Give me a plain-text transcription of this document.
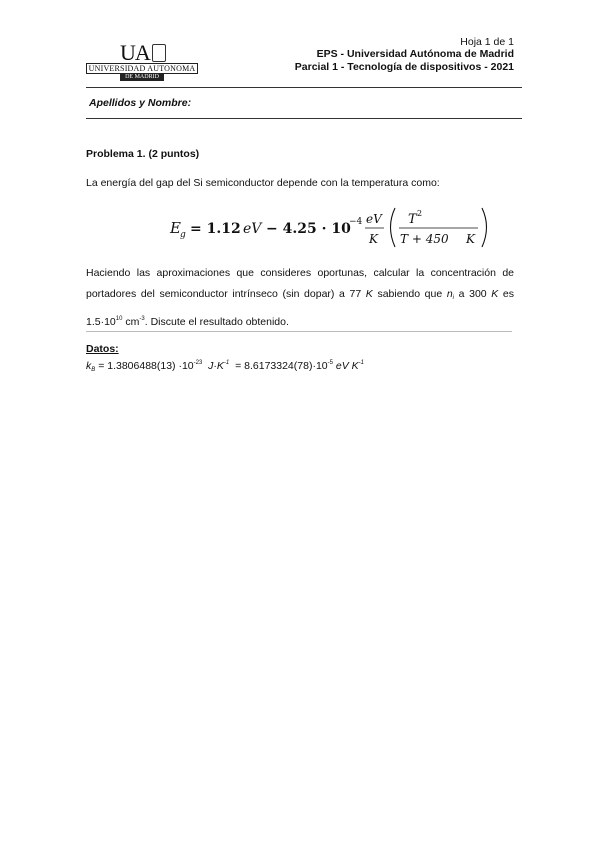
UA
UNIVERSIDAD AUTONOMA
DE MADRID
Hoja 1 de 1
EPS - Universidad Autónoma de Madrid
Parcial 1 - Tecnología de dispositivos - 2021
Apellidos y Nombre:
Problema 1. (2 puntos)
La energía del gap del Si semiconductor depende con la temperatura como:
E g = 1.12 eV − 4.25 · 10
−4 eV
K
T 2
T + 450 K
Haciendo las aproximaciones que consideres oportunas, calcular la concentración de portadores del semiconductor intrínseco (sin dopar) a 77 K sabiendo que $n_i$ a 300 K es $1.5\cdot 10^{10}$ $cm^{-3}$. Discute el resultado obtenido.
Datos:
$k_B = 1.3806488(13) \cdot 10^{-23}$ $J\cdot K^{-1} = 8.6173324(78)\cdot 10^{-5}$ eV $K^{-1}$
